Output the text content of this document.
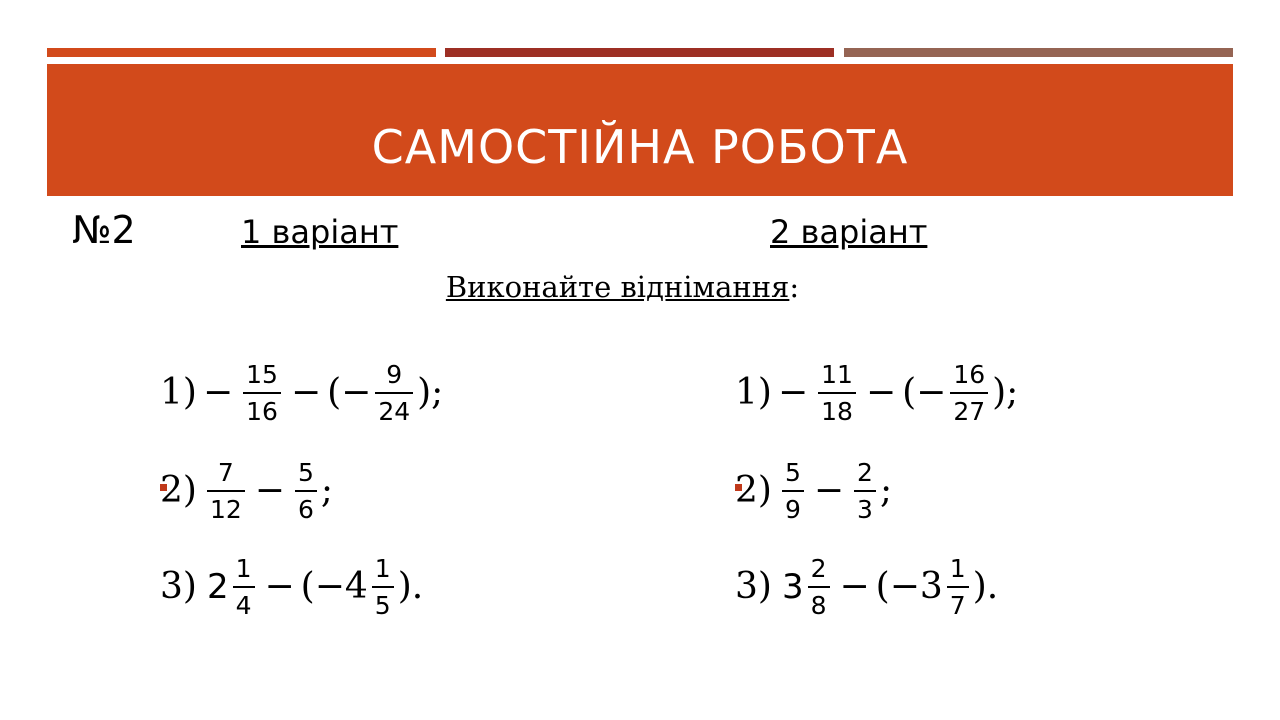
САМОСТІЙНА РОБОТА
№2	1 варіант	2 варіант
Виконайте віднімання:
$1) - \frac{15}{16}$ − (− $\frac{9}{24}$ );
$2) \frac{7}{12} - \frac{5}{6}$ ;
3) $2 \frac{1}{4} - (-4 \frac{1}{5}$ ).
$1) - \frac{11}{18}$ − (− $\frac{16}{27}$ );
$2) \frac{5}{9} - \frac{2}{3}$ ;
3) $3 \frac{2}{8} - (-3 \frac{1}{7}$ ).
